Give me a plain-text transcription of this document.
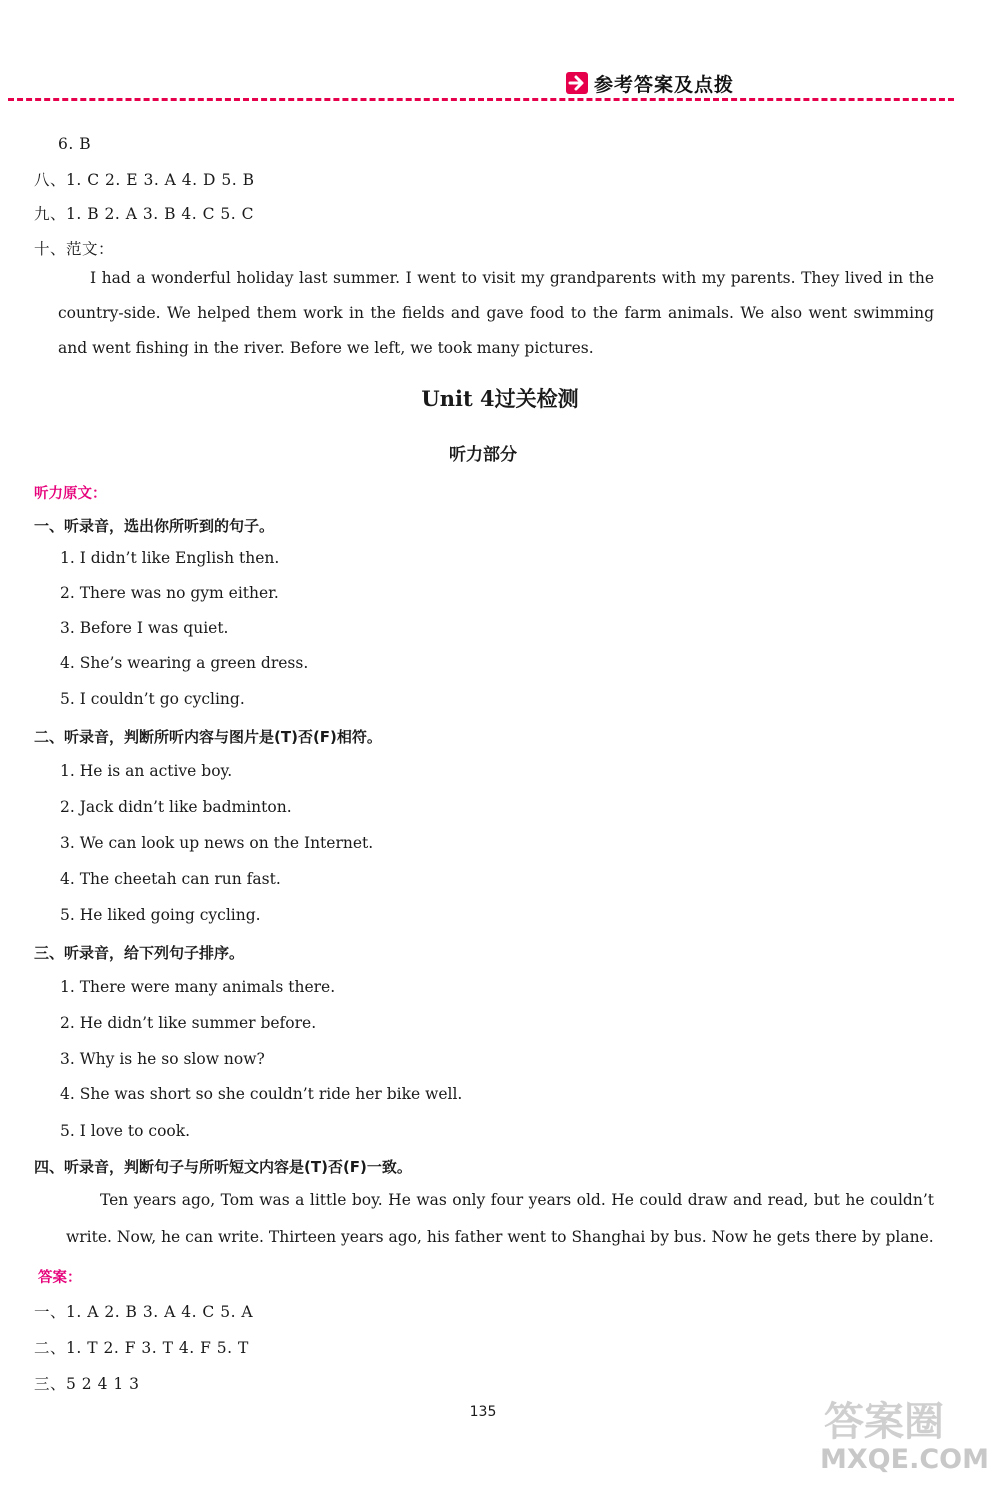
参考答案及点拨
6. B
八、1. C 2. E 3. A 4. D 5. B
九、1. B 2. A 3. B 4. C 5. C
十、范文：
I had a wonderful holiday last summer. I went to visit my grandparents with my parents. They lived in the country-side. We helped them work in the fields and gave food to the farm animals. We also went swimming and went fishing in the river. Before we left, we took many pictures.
Unit 4过关检测
听力部分
听力原文：
一、听录音，选出你所听到的句子。
1. I didn’t like English then.
2. There was no gym either.
3. Before I was quiet.
4. She’s wearing a green dress.
5. I couldn’t go cycling.
二、听录音，判断所听内容与图片是(T)否(F)相符。
1. He is an active boy.
2. Jack didn’t like badminton.
3. We can look up news on the Internet.
4. The cheetah can run fast.
5. He liked going cycling.
三、听录音，给下列句子排序。
1. There were many animals there.
2. He didn’t like summer before.
3. Why is he so slow now?
4. She was short so she couldn’t ride her bike well.
5. I love to cook.
四、听录音，判断句子与所听短文内容是(T)否(F)一致。
Ten years ago, Tom was a little boy. He was only four years old. He could draw and read, but he couldn’t write. Now, he can write. Thirteen years ago, his father went to Shanghai by bus. Now he gets there by plane.
答案：
一、1. A 2. B 3. A 4. C 5. A
二、1. T 2. F 3. T 4. F 5. T
三、5 2 4 1 3
135	答案圈
MXQE.COM
